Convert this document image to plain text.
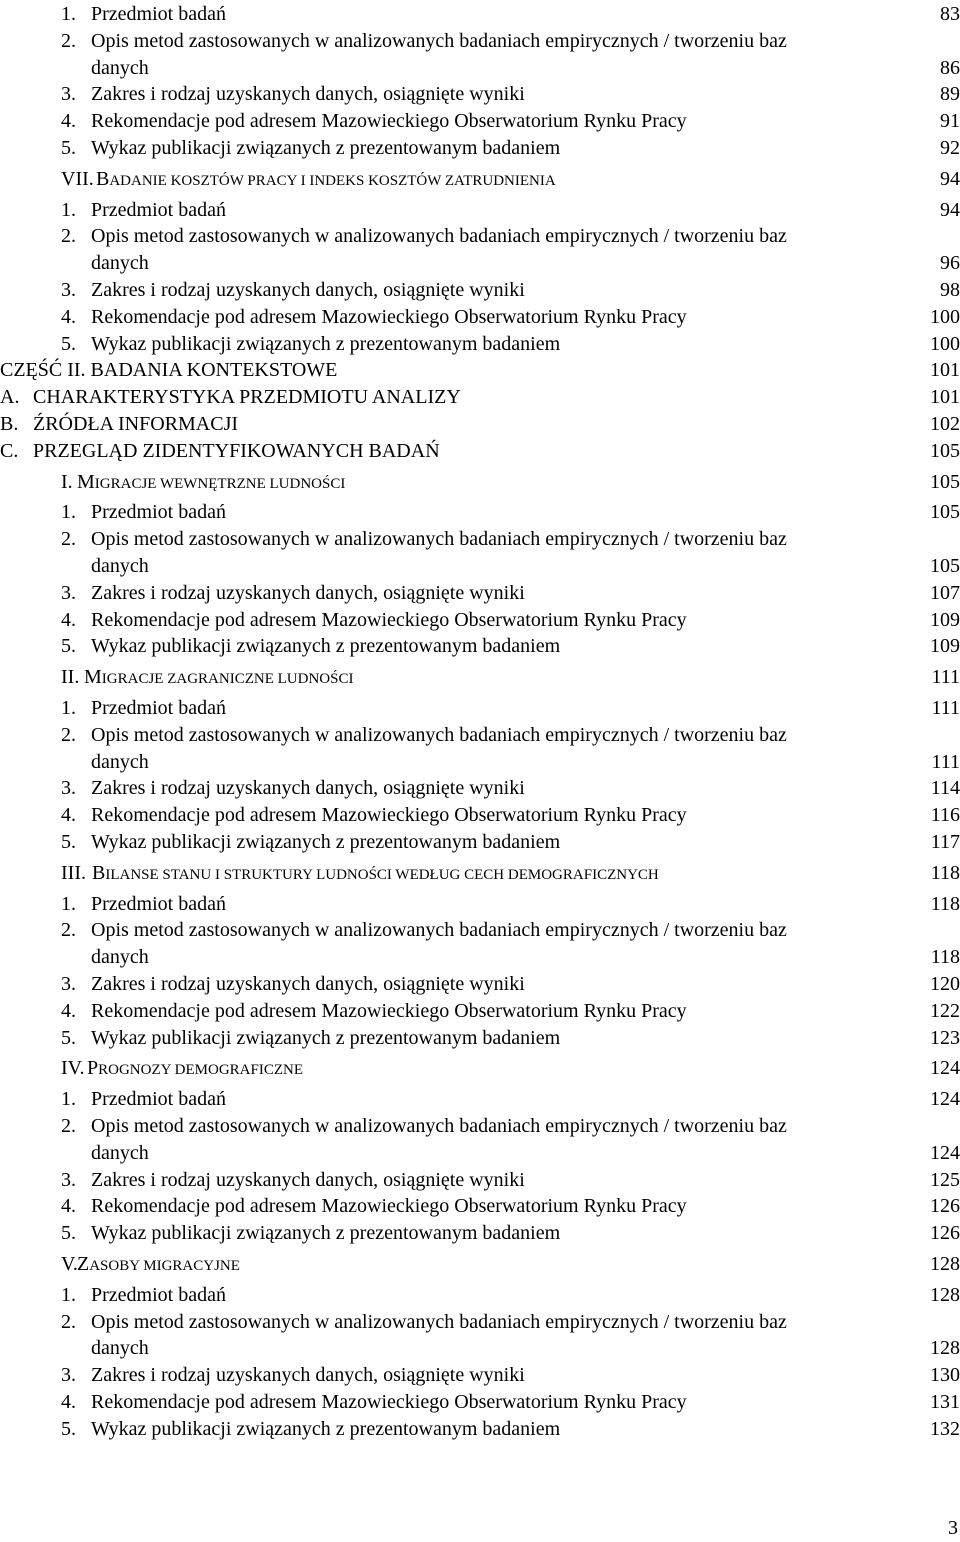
1. Przedmiot badań	83
2. Opis metod zastosowanych w analizowanych badaniach empirycznych / tworzeniu baz
danych	86
3. Zakres i rodzaj uzyskanych danych, osiągnięte wyniki	89
4. Rekomendacje pod adresem Mazowieckiego Obserwatorium Rynku Pracy	91
5. Wykaz publikacji związanych z prezentowanym badaniem	92
VII. BADANIE KOSZTÓW PRACY I INDEKS KOSZTÓW ZATRUDNIENIA	94
1. Przedmiot badań	94
2. Opis metod zastosowanych w analizowanych badaniach empirycznych / tworzeniu baz
danych	96
3. Zakres i rodzaj uzyskanych danych, osiągnięte wyniki	98
4. Rekomendacje pod adresem Mazowieckiego Obserwatorium Rynku Pracy	100
5. Wykaz publikacji związanych z prezentowanym badaniem	100
CZĘŚĆ II. BADANIA KONTEKSTOWE	101
A. CHARAKTERYSTYKA PRZEDMIOTU ANALIZY	101
B. ŹRÓDŁA INFORMACJI	102
C. PRZEGLĄD ZIDENTYFIKOWANYCH BADAŃ	105
I. MIGRACJE WEWNĘTRZNE LUDNOŚCI	105
1. Przedmiot badań	105
2. Opis metod zastosowanych w analizowanych badaniach empirycznych / tworzeniu baz
danych	105
3. Zakres i rodzaj uzyskanych danych, osiągnięte wyniki	107
4. Rekomendacje pod adresem Mazowieckiego Obserwatorium Rynku Pracy	109
5. Wykaz publikacji związanych z prezentowanym badaniem	109
II. MIGRACJE ZAGRANICZNE LUDNOŚCI	111
1. Przedmiot badań	111
2. Opis metod zastosowanych w analizowanych badaniach empirycznych / tworzeniu baz
danych	111
3. Zakres i rodzaj uzyskanych danych, osiągnięte wyniki	114
4. Rekomendacje pod adresem Mazowieckiego Obserwatorium Rynku Pracy	116
5. Wykaz publikacji związanych z prezentowanym badaniem	117
III. BILANSE STANU I STRUKTURY LUDNOŚCI WEDŁUG CECH DEMOGRAFICZNYCH	118
1. Przedmiot badań	118
2. Opis metod zastosowanych w analizowanych badaniach empirycznych / tworzeniu baz
danych	118
3. Zakres i rodzaj uzyskanych danych, osiągnięte wyniki	120
4. Rekomendacje pod adresem Mazowieckiego Obserwatorium Rynku Pracy	122
5. Wykaz publikacji związanych z prezentowanym badaniem	123
IV. PROGNOZY DEMOGRAFICZNE	124
1. Przedmiot badań	124
2. Opis metod zastosowanych w analizowanych badaniach empirycznych / tworzeniu baz
danych	124
3. Zakres i rodzaj uzyskanych danych, osiągnięte wyniki	125
4. Rekomendacje pod adresem Mazowieckiego Obserwatorium Rynku Pracy	126
5. Wykaz publikacji związanych z prezentowanym badaniem	126
V. ZASOBY MIGRACYJNE	128
1. Przedmiot badań	128
2. Opis metod zastosowanych w analizowanych badaniach empirycznych / tworzeniu baz
danych	128
3. Zakres i rodzaj uzyskanych danych, osiągnięte wyniki	130
4. Rekomendacje pod adresem Mazowieckiego Obserwatorium Rynku Pracy	131
5. Wykaz publikacji związanych z prezentowanym badaniem	132
3
